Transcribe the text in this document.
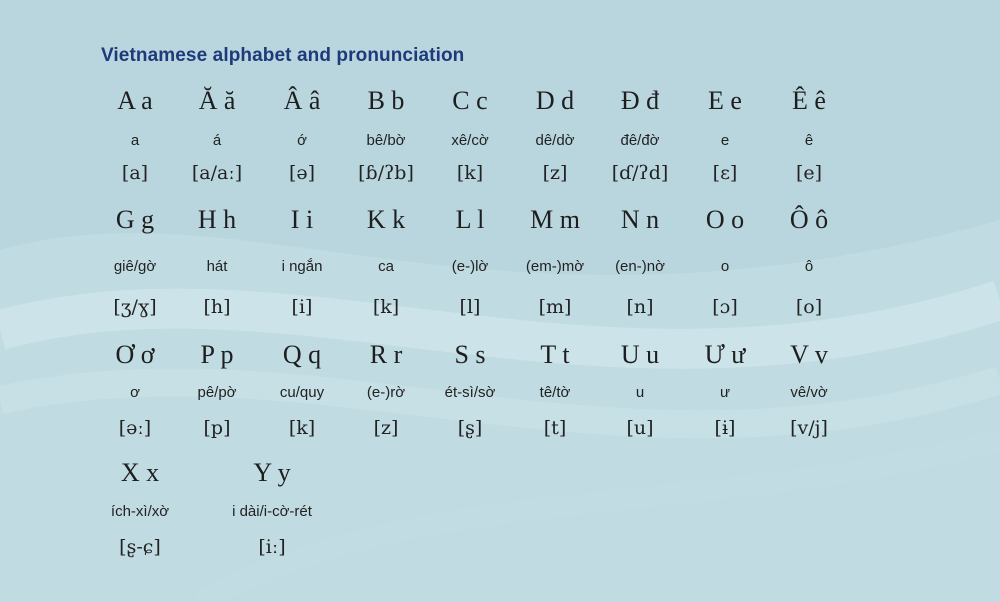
Vietnamese alphabet and pronunciation
A a
a
[a]
Ă ă
á
[a/aː]
Â â
ớ
[ə]
B b
bê/bờ
[ɓ/ʔb]
C c
xê/cờ
[k]
D d
dê/dờ
[z]
Đ đ
đê/đờ
[ɗ/ʔd]
E e
e
[ɛ]
Ê ê
ê
[e]
G g
giê/gờ
[ʒ/ɣ]
H h
hát
[h]
I i
i ngắn
[i]
K k
ca
[k]
L l
(e-)lờ
[l]
M m
(em-)mờ
[m]
N n
(en-)nờ
[n]
O o
o
[ɔ]
Ô ô
ô
[o]
Ơ ơ
ơ
[əː]
P p
pê/pờ
[p]
Q q
cu/quy
[k]
R r
(e-)rờ
[z]
S s
ét-sì/sờ
[ʂ]
T t
tê/tờ
[t]
U u
u
[u]
Ư ư
ư
[ɨ]
V v
vê/vờ
[v/j]
X x
ích-xì/xờ
[ʂ-ɕ]
Y y
i dài/i-cờ-rét
[iː]
